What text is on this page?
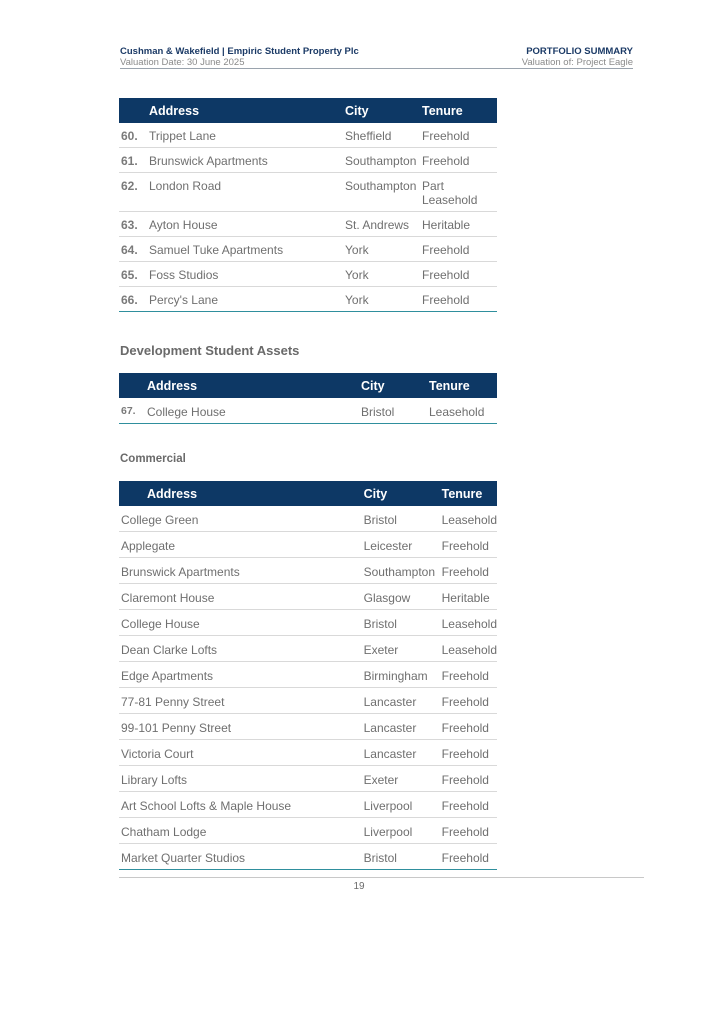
Cushman & Wakefield | Empiric Student Property Plc
Valuation Date: 30 June 2025
PORTFOLIO SUMMARY
Valuation of: Project Eagle
	Address	City	Tenure
60.	Trippet Lane	Sheffield	Freehold
61.	Brunswick Apartments	Southampton	Freehold
62.	London Road	Southampton	Part
Leasehold
63.	Ayton House	St. Andrews	Heritable
64.	Samuel Tuke Apartments	York	Freehold
65.	Foss Studios	York	Freehold
66.	Percy's Lane	York	Freehold
Development Student Assets
	Address	City	Tenure
67.	College House	Bristol	Leasehold
Commercial
Address	City	Tenure
College Green	Bristol	Leasehold
Applegate	Leicester	Freehold
Brunswick Apartments	Southampton	Freehold
Claremont House	Glasgow	Heritable
College House	Bristol	Leasehold
Dean Clarke Lofts	Exeter	Leasehold
Edge Apartments	Birmingham	Freehold
77-81 Penny Street	Lancaster	Freehold
99-101 Penny Street	Lancaster	Freehold
Victoria Court	Lancaster	Freehold
Library Lofts	Exeter	Freehold
Art School Lofts & Maple House	Liverpool	Freehold
Chatham Lodge	Liverpool	Freehold
Market Quarter Studios	Bristol	Freehold
19
